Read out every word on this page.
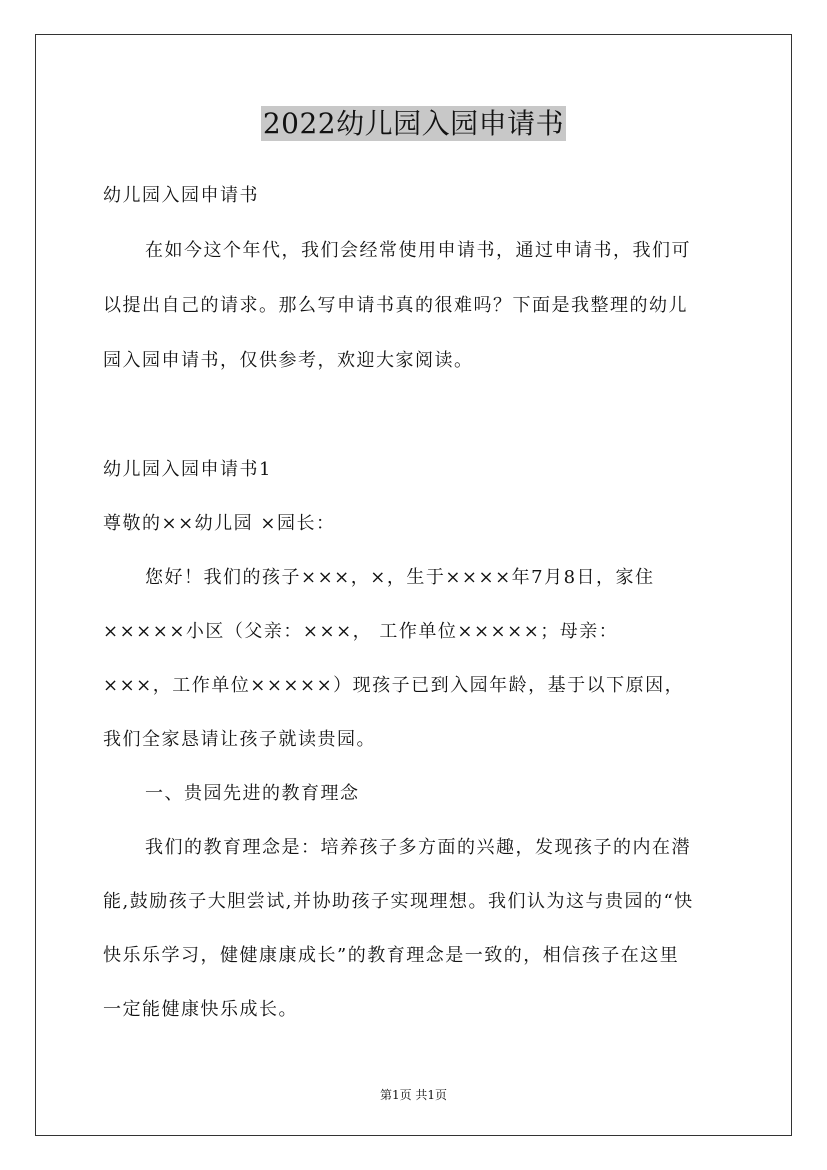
2022幼儿园入园申请书
幼儿园入园申请书
在如今这个年代，我们会经常使用申请书，通过申请书，我们可
以提出自己的请求。那么写申请书真的很难吗？下面是我整理的幼儿
园入园申请书，仅供参考，欢迎大家阅读。
幼儿园入园申请书1
尊敬的××幼儿园 ×园长：
您好！我们的孩子×××，×，生于××××年7月8日，家住
×××××小区（父亲：×××， 工作单位×××××；母亲：
×××，工作单位×××××）现孩子已到入园年龄，基于以下原因，
我们全家恳请让孩子就读贵园。
一、贵园先进的教育理念
我们的教育理念是：培养孩子多方面的兴趣，发现孩子的内在潜
能,鼓励孩子大胆尝试,并协助孩子实现理想。我们认为这与贵园的“快
快乐乐学习，健健康康成长”的教育理念是一致的，相信孩子在这里
一定能健康快乐成长。
第1页 共1页
